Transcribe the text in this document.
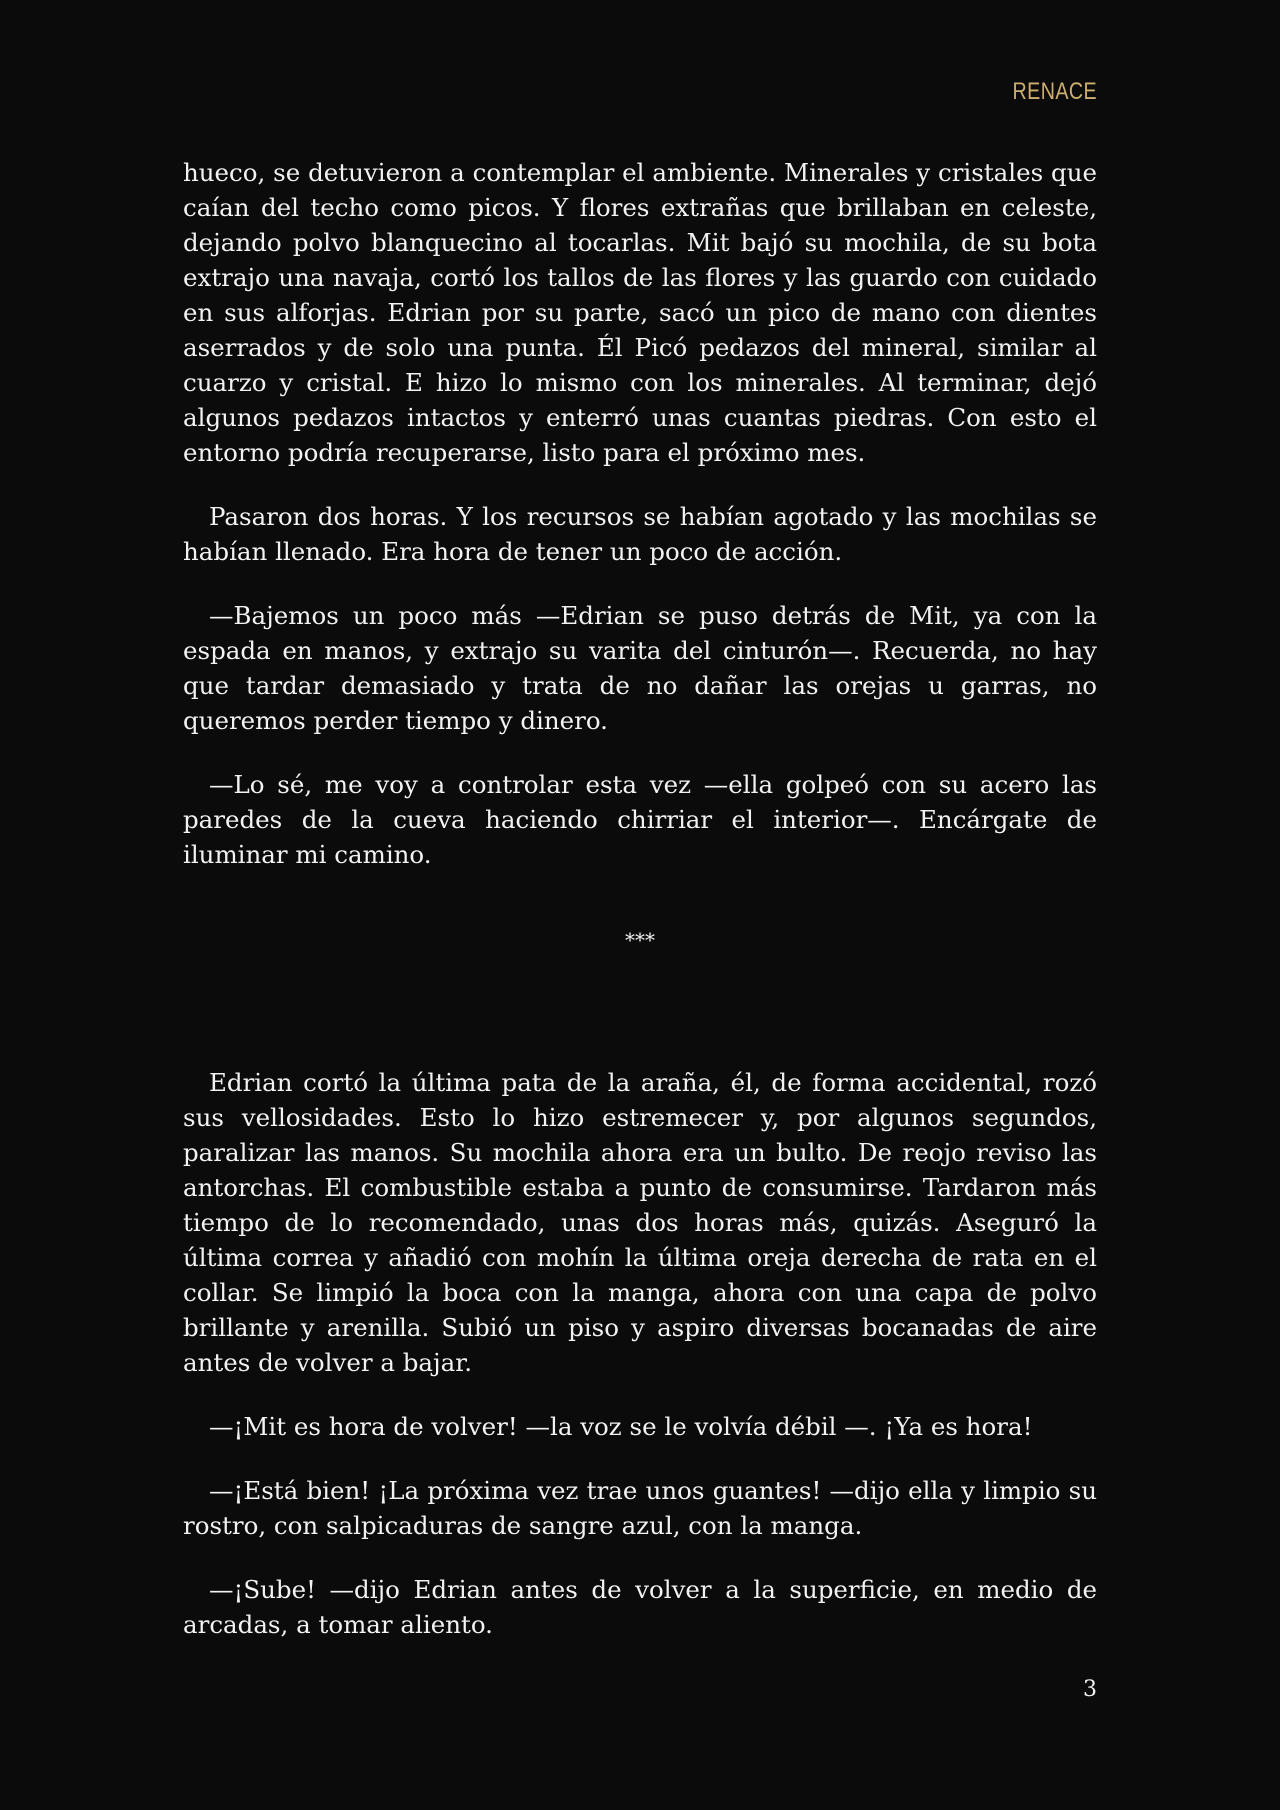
RENACE

hueco, se detuvieron a contemplar el ambiente. Minerales y cristales que caían del techo como picos. Y flores extrañas que brillaban en celeste, dejando polvo blanquecino al tocarlas. Mit bajó su mochila, de su bota extrajo una navaja, cortó los tallos de las flores y las guardo con cuidado en sus alforjas. Edrian por su parte, sacó un pico de mano con dientes aserrados y de solo una punta. Él Picó pedazos del mineral, similar al cuarzo y cristal. E hizo lo mismo con los minerales. Al terminar, dejó algunos pedazos intactos y enterró unas cuantas piedras. Con esto el entorno podría recuperarse, listo para el próximo mes.

Pasaron dos horas. Y los recursos se habían agotado y las mochilas se habían llenado. Era hora de tener un poco de acción.

—Bajemos un poco más —Edrian se puso detrás de Mit, ya con la espada en manos, y extrajo su varita del cinturón—. Recuerda, no hay que tardar demasiado y trata de no dañar las orejas u garras, no queremos perder tiempo y dinero.

—Lo sé, me voy a controlar esta vez —ella golpeó con su acero las paredes de la cueva haciendo chirriar el interior—. Encárgate de iluminar mi camino.

***

Edrian cortó la última pata de la araña, él, de forma accidental, rozó sus vellosidades. Esto lo hizo estremecer y, por algunos segundos, paralizar las manos. Su mochila ahora era un bulto. De reojo reviso las antorchas. El combustible estaba a punto de consumirse. Tardaron más tiempo de lo recomendado, unas dos horas más, quizás. Aseguró la última correa y añadió con mohín la última oreja derecha de rata en el collar. Se limpió la boca con la manga, ahora con una capa de polvo brillante y arenilla. Subió un piso y aspiro diversas bocanadas de aire antes de volver a bajar.

—¡Mit es hora de volver! —la voz se le volvía débil —. ¡Ya es hora!

—¡Está bien! ¡La próxima vez trae unos guantes! —dijo ella y limpio su rostro, con salpicaduras de sangre azul, con la manga.

—¡Sube! —dijo Edrian antes de volver a la superficie, en medio de arcadas, a tomar aliento.

3
